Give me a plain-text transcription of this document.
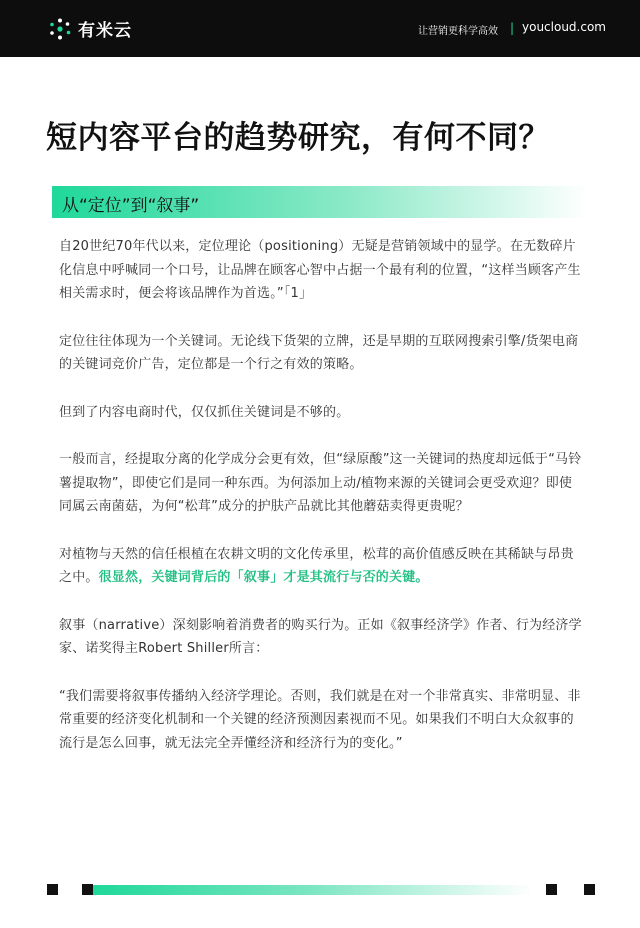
有米云	让营销更科学高效 | youcloud.com
短内容平台的趋势研究，有何不同？
从“定位”到“叙事”

自20世纪70年代以来，定位理论（positioning）无疑是营销领域中的显学。在无数碎片化信息中呼喊同一个口号，让品牌在顾客心智中占据一个最有利的位置，“这样当顾客产生相关需求时，便会将该品牌作为首选。”「1」

定位往往体现为一个关键词。无论线下货架的立牌，还是早期的互联网搜索引擎/货架电商的关键词竞价广告，定位都是一个行之有效的策略。

但到了内容电商时代，仅仅抓住关键词是不够的。

一般而言，经提取分离的化学成分会更有效，但“绿原酸”这一关键词的热度却远低于“马铃薯提取物”，即使它们是同一种东西。为何添加上动/植物来源的关键词会更受欢迎？即使同属云南菌菇，为何“松茸”成分的护肤产品就比其他蘑菇卖得更贵呢？

对植物与天然的信任根植在农耕文明的文化传承里，松茸的高价值感反映在其稀缺与昂贵之中。很显然，关键词背后的「叙事」才是其流行与否的关键。

叙事（narrative）深刻影响着消费者的购买行为。正如《叙事经济学》作者、行为经济学家、诺奖得主Robert Shiller所言：

“我们需要将叙事传播纳入经济学理论。否则，我们就是在对一个非常真实、非常明显、非常重要的经济变化机制和一个关键的经济预测因素视而不见。如果我们不明白大众叙事的流行是怎么回事，就无法完全弄懂经济和经济行为的变化。”
